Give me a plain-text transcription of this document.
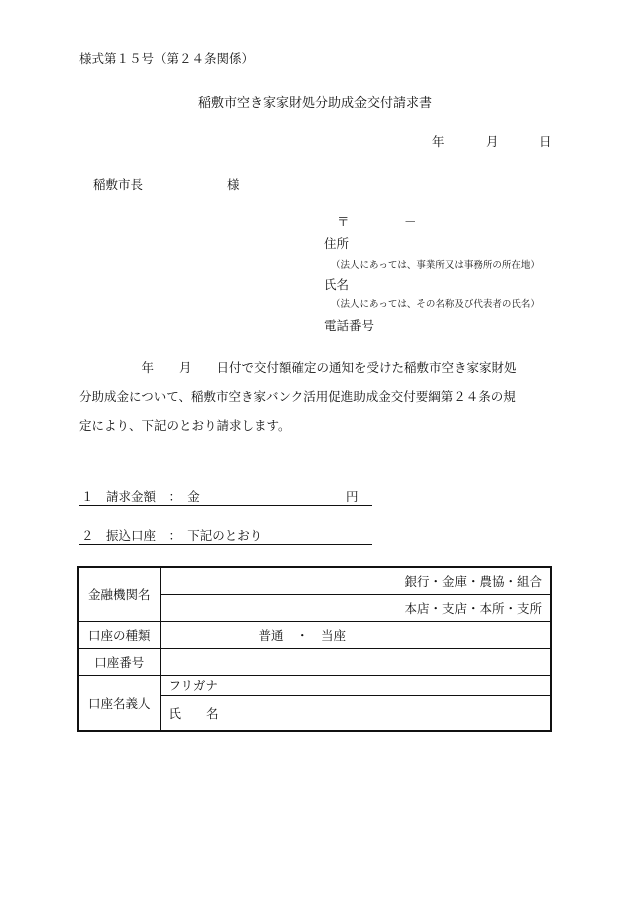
様式第１５号（第２４条関係）
稲敷市空き家家財処分助成金交付請求書
年	月	日
稲敷市長	様
〒	－
住所
（法人にあっては、事業所又は事務所の所在地）
氏名
（法人にあっては、その名称及び代表者の氏名）
電話番号

　　　　　年　　月　　日付で交付額確定の通知を受けた稲敷市空き家家財処

分助成金について、稲敷市空き家バンク活用促進助成金交付要綱第２４条の規

定により、下記のとおり請求します。

１　請求金額　：　金	円
２　振込口座　：　下記のとおり
金融機関名	銀行・金庫・農協・組合
	本店・支店・本所・支所
口座の種類	普通　・　当座
口座番号	
口座名義人	フリガナ
	氏　　名
